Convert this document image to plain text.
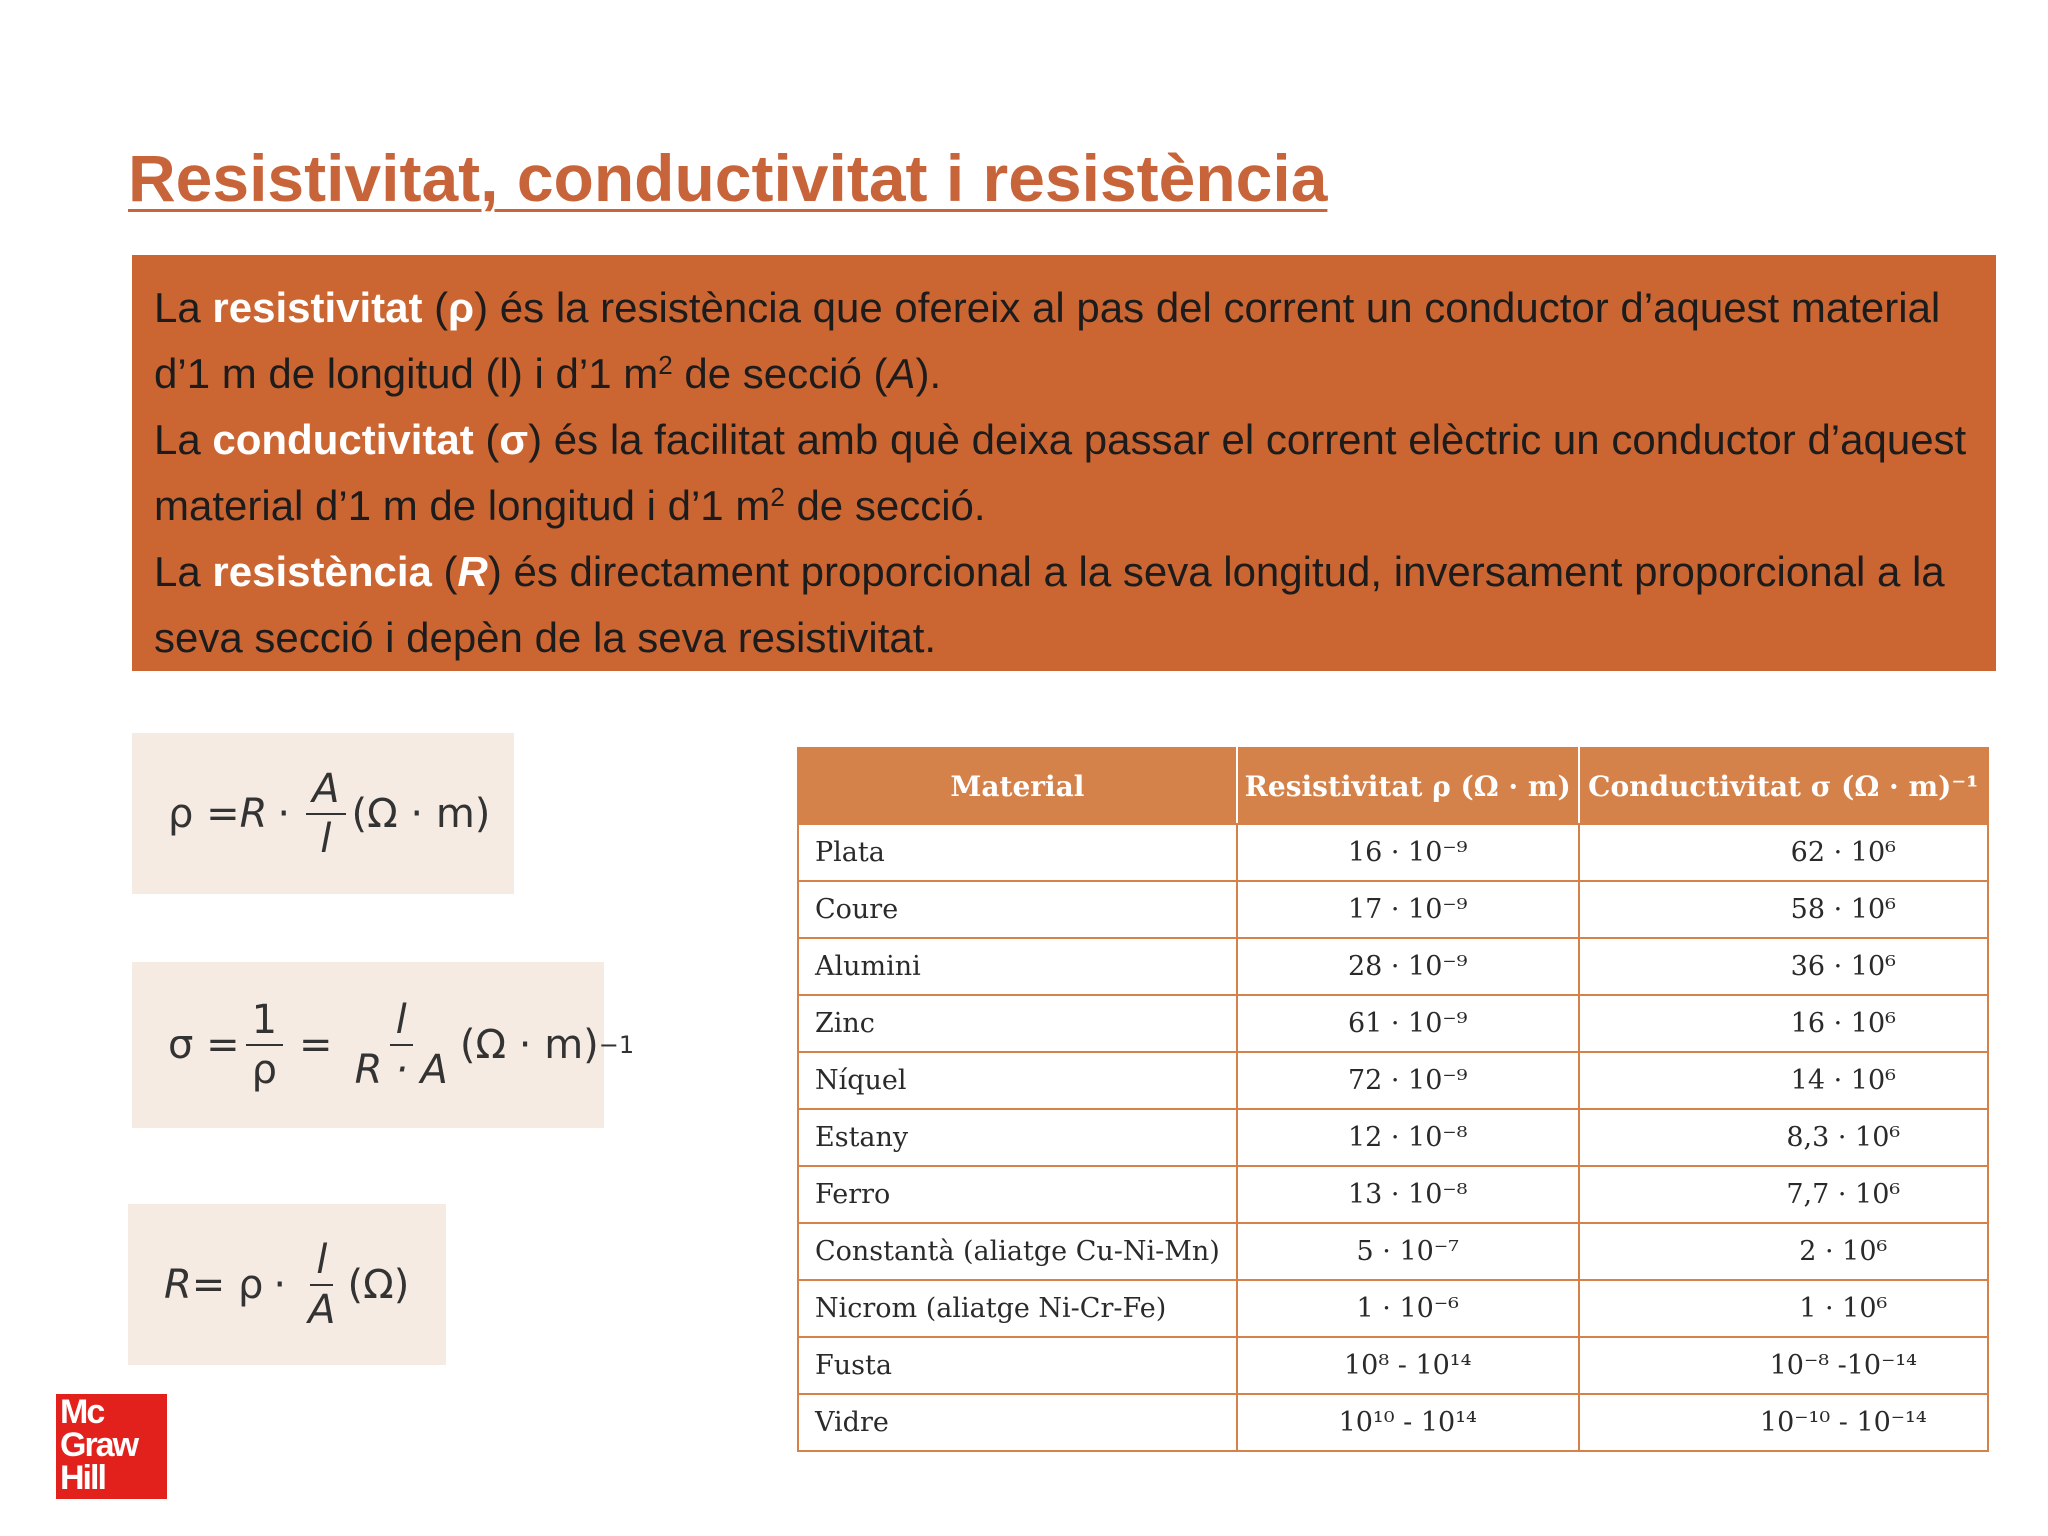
Resistivitat, conductivitat i resistència

La resistivitat (ρ) és la resistència que ofereix al pas del corrent un conductor d’aquest material d’1 m de longitud (l) i d’1 $m^2$ de secció (A).

La conductivitat (σ) és la facilitat amb què deixa passar el corrent elèctric un conductor d’aquest material d’1 m de longitud i d’1 $m^2$ de secció.

La resistència (R) és directament proporcional a la seva longitud, inversament proporcional a la seva secció i depèn de la seva resistivitat.

$\rho = R \cdot \frac{A}{l} (\Omega \cdot m)$
$\sigma = \frac{1}{\rho} = \frac{l}{R \cdot A} (\Omega \cdot m) -1$
$R = \rho \cdot \frac{l}{A} (\Omega)$
Material	Resistivitat ρ (Ω · m)	Conductivitat σ (Ω · m)⁻¹
Plata	16 · 10⁻⁹	62 · 10⁶
Coure	17 · 10⁻⁹	58 · 10⁶
Alumini	28 · 10⁻⁹	36 · 10⁶
Zinc	61 · 10⁻⁹	16 · 10⁶
Níquel	72 · 10⁻⁹	14 · 10⁶
Estany	12 · 10⁻⁸	8,3 · 10⁶
Ferro	13 · 10⁻⁸	7,7 · 10⁶
Constantà (aliatge Cu-Ni-Mn)	5 · 10⁻⁷	2 · 10⁶
Nicrom (aliatge Ni-Cr-Fe)	1 · 10⁻⁶	1 · 10⁶
Fusta	10⁸ - 10¹⁴	10⁻⁸ -10⁻¹⁴
Vidre	10¹⁰ - 10¹⁴	10⁻¹⁰ - 10⁻¹⁴
Mc
Graw
Hill
